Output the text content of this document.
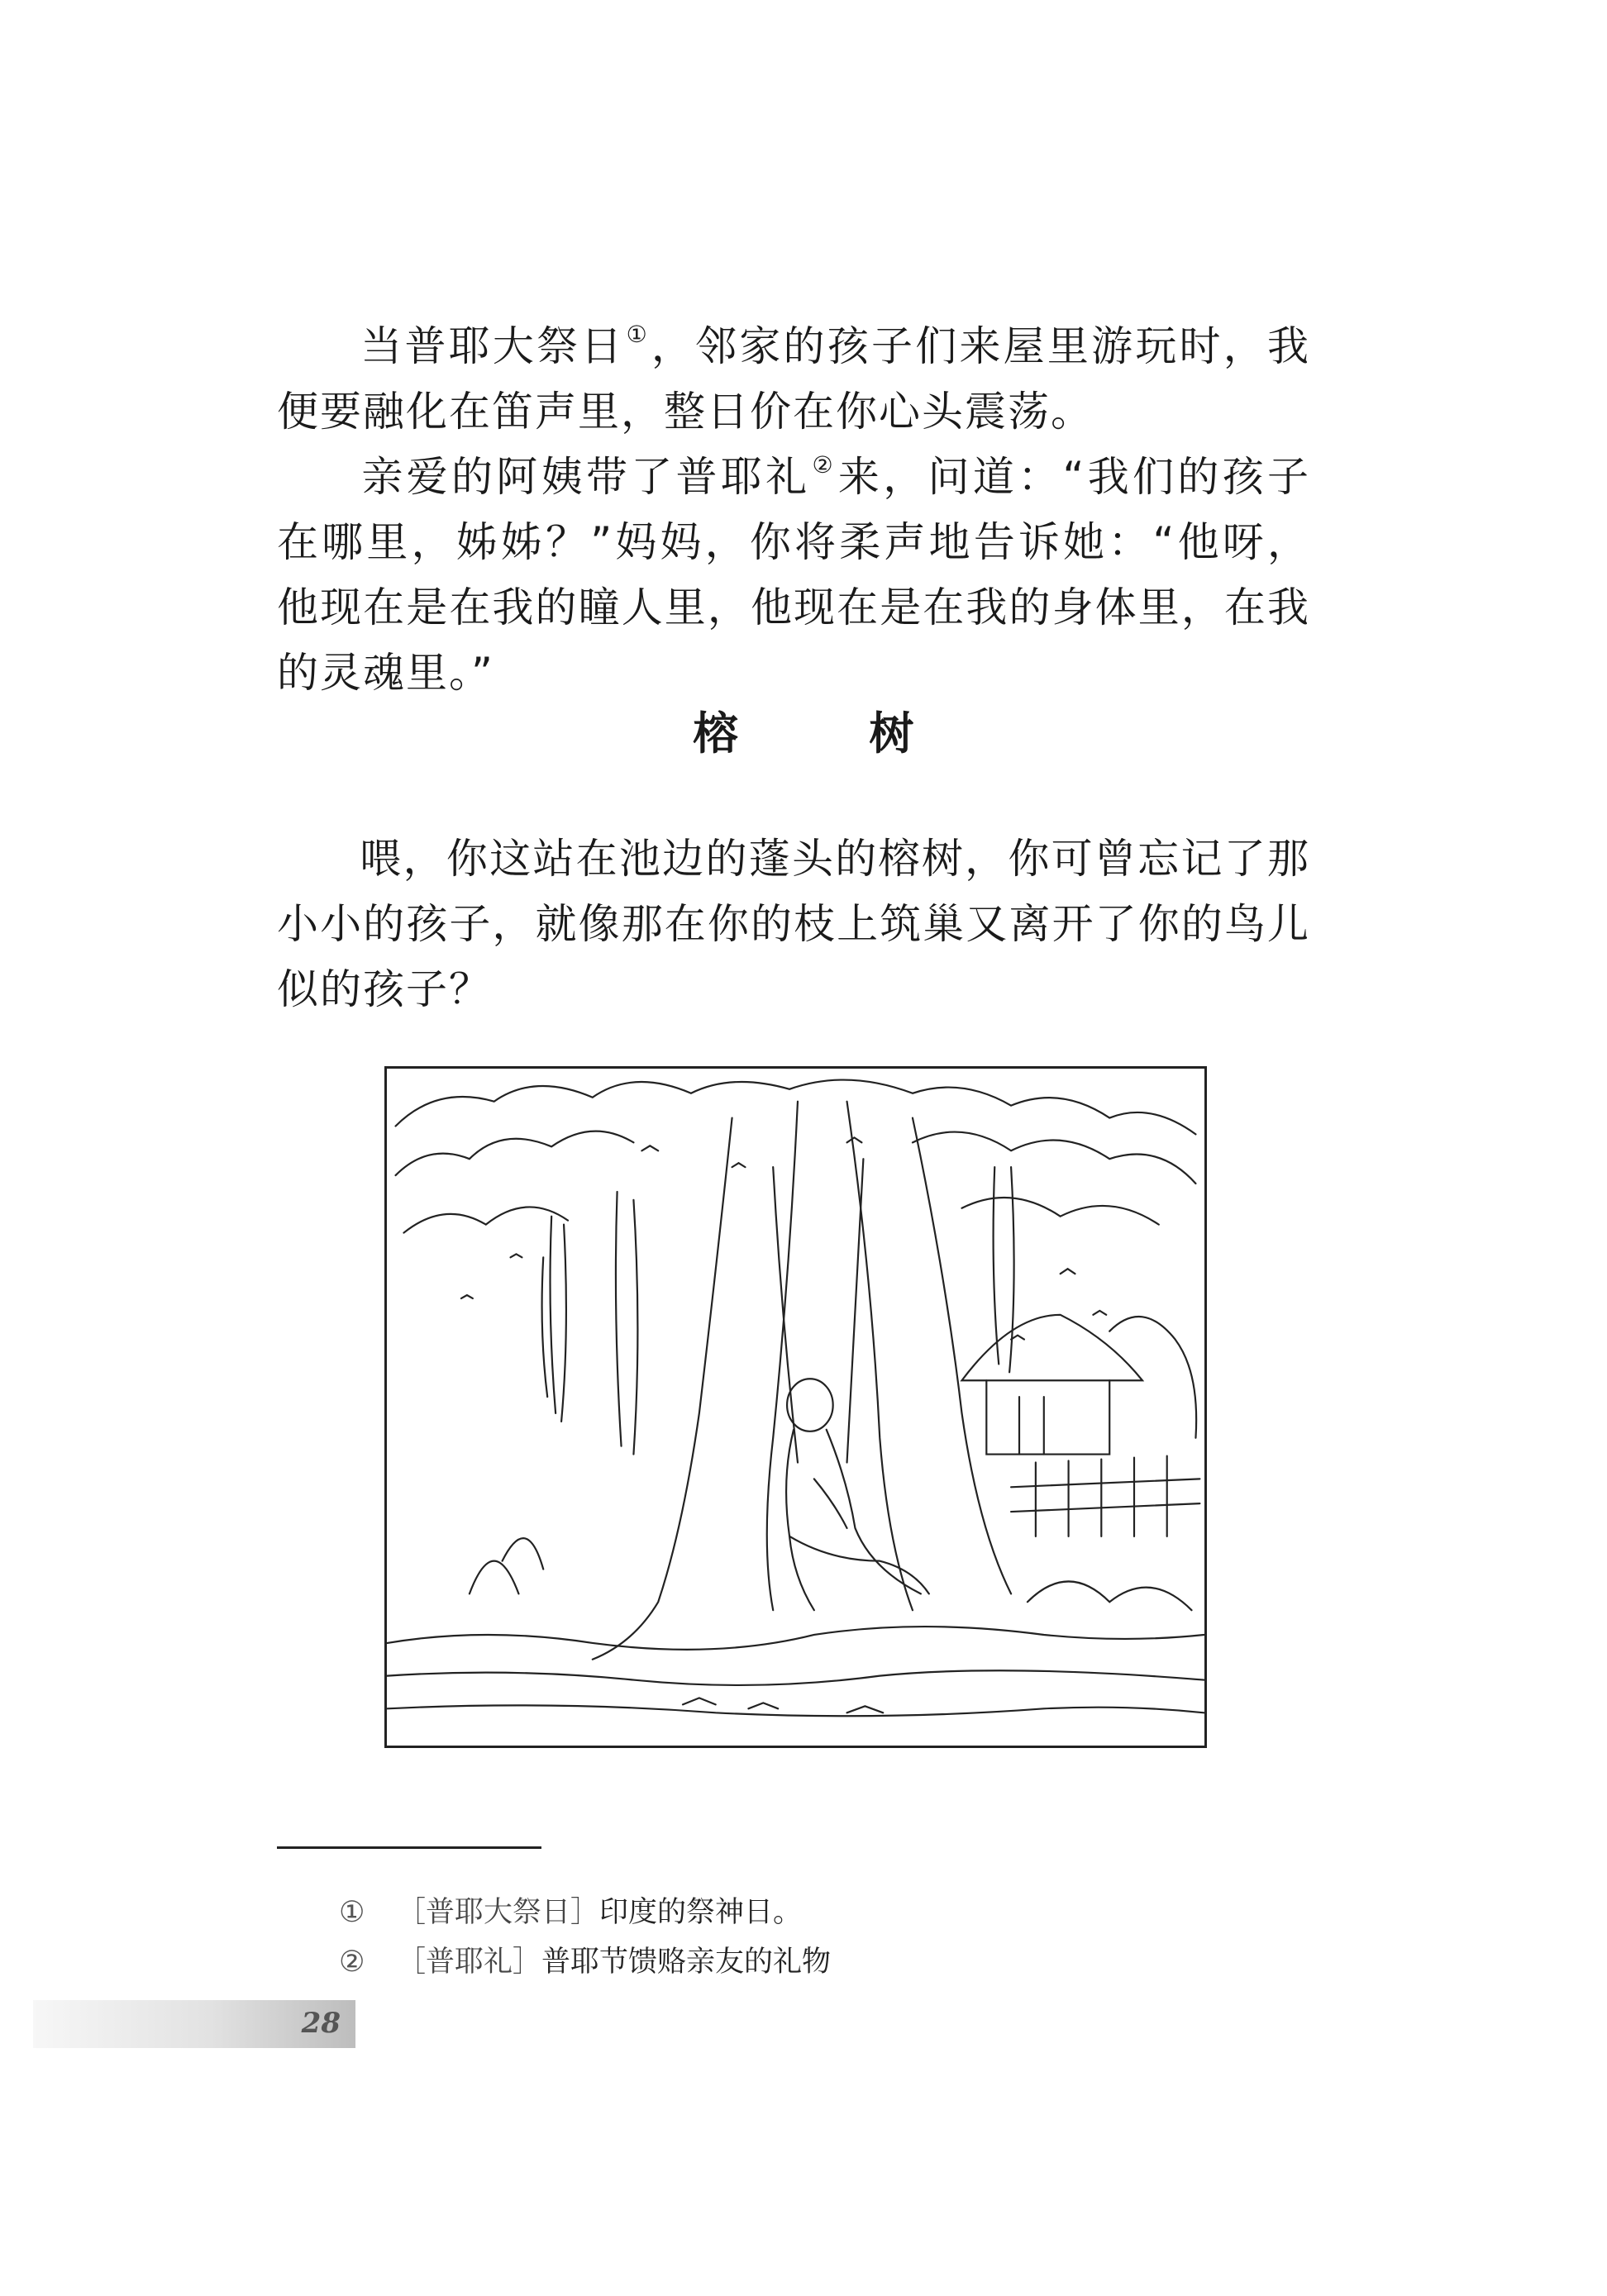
当普耶大祭日①，邻家的孩子们来屋里游玩时，我便要融化在笛声里，整日价在你心头震荡。

亲爱的阿姨带了普耶礼②来，问道：“我们的孩子在哪里，姊姊？”妈妈，你将柔声地告诉她：“他呀，他现在是在我的瞳人里，他现在是在我的身体里，在我的灵魂里。”

榕 树

喂，你这站在池边的蓬头的榕树，你可曾忘记了那小小的孩子，就像那在你的枝上筑巢又离开了你的鸟儿似的孩子？

① ［普耶大祭日］印度的祭神日。
② ［普耶礼］普耶节馈赂亲友的礼物
28
